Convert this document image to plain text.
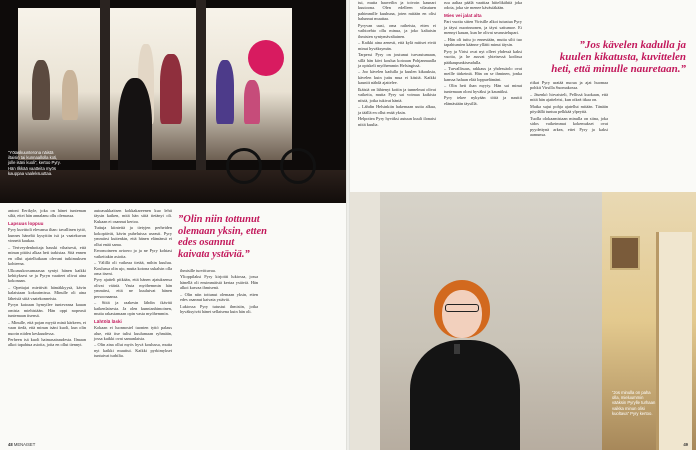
”Yötaskuunterona näistä iltaisin tai kunnaallolla koti, jolle isäni kuoli”, kertoo Pyry. Hän Ilkkää vaatteita myös kauppaa vaaleksuuttaa.

antoni Eerikyle, joka on hänet tunteman siltä, ettei hän annalanu ollu olemassa.

Lapsuus loppuu

Pyry kuvittoli elevansa iltan: tavallinen tyttö, kunnes häneltä kysyttiin isä ja vaatekuvan vinnetä kaukaa.

– Teriveydenhoitaja hauski vihaisesti, että minun pitäisi alkaa heti tarkistaa. Sitä ennen en ollut ajatellutkaan olevani tutkimuksen kohteena.

Ulkoasukrosumaasaa syntyi hänen kaikki kehityksesi se ja Pyryn vaatteet olivat aina kokonaan.

– Opettajat miettivät hämäkkyysä, kävin kalaistaan kokoaimissa. Minulle oli aina läheisiä siitä vaatekonneista.

Pyryn katoaan hymyilee tuntevansa kauan omista miehistään. Hän oppi nopeasti tuntemaan itsensä.

– Minulle, että pojan myytä minä kärkeen, et vaan tiedä, että minun isäni kuoli, kun olin nuorin niiden keskuudessa.

Perheen isä kuoli haimasairaudesta. Ilmaan alkoi tapahtua asioita, joita en ollut tiennyt.

autoasukkaitsen kokkakareenen kuo lehti täysin kaiken, mitä hän siitä tietänyt oli. Kukaan ei osannut kertoa.

Tuttuja kiinteitä ja tietyjen perheiden kokopäivät, kävin puheluissa useasti. Pyry ymmärsi kuitenkin, että hänen elämänsä ei ollut enää sama.

Eeromoineen avioero jo ja ne Pyry kohtasi vaikeitakin asioita.

– Välillä oli vaikeaa tietää, mihin kuuluu. Koulussa olin ujo, mutta kotona uskalsin olla oma itseni.

Pyry ajatteli pitkään, että hänen ajatuksensa olivat vääriä. Vasta myöhemmin hän ymmärsi, että ne kuuluivat hänen persoonaansa.

– Siitä ja raakesin lähdin ikäväti kaikenlaisesta. Ja olen kunnianhimoinen, mutta rakastamaan opin vasta myöhemmin.

Lähtölä läski

Kokaan ei luonnostel tuonten tyttö palaus alue, että itse tulisi kuulumaan ryhmään, jossa kaikki ovat samanlaisia.

– Olin aina ollut myös hyvä koulussa, mutta nyt kaikki muuttui. Kaikki pyrkimykset tuntuivat turhilta.

”Olin niin tottunut olemaan yksin, etten edes osannut kaivata ystäviä.”

ihmisille turvittuvaa.

Ylioppilaksi Pyry kirjoitti lukiossa, jossa hänellä oli ensimmäistä kertaa ystäviä. Hän alkoi kasvaa ihmisenä.

– Olin niin tottunut olemaan yksin, etten edes osannut kaivata ystäviä.

Lukiossa Pyry tutustui ihmisiin, jotka hyväksyivät hänet sellaisena kuin hän oli.

48 MENAISET

tui, mutta haaveilin ja toivoin kaunari kuutoona. Olen edelleen vilautuen pahimmille kuuhuna, joten mitään en olisi halunnut muuttaa.

Pyryvan uusi, oma raiheista, etten ei vaihtoehto ollu minua, ja joko kaltaisin ihmisten syntymävaltainen.

– Kaikki aina aenesti, että kylä mitiset eivät minut hyväksymän.

Tarpessi Pyry on joutunut turvautumaan, sillä hän kävi koulua kotoaan Pohjanmaalla ja opiskeli myöhemmin Helsingissä.

– Joo kävelen kadulla ja kuulen kikauksia, kävelen kuin juttu mua ei käsitä. Kaikki kauniit nähdä ajattelee.

Ikäisiä on lähtenyt kotiin ja tunnelmat olivat vaikeita, mutta Pyry sai voimaa kaikista niistä, jotka tukivat häntä.

– Lähdin Helsinkiin hakemaan uutta alkua, ja täällä en ollut enää yksin.

Helpottea Pyry hyväksi autuun kuuli ilonaisi niitä kuulia.

ruu aaltaa päälä vaattiaa hiitelikähtiä joka odota, joka sie menee käväsiäkään.

Mies vei jalat alta

Pari vuotta sitten Virtsille alkoi tutustua Pyry ja täysi nuorinnonen, ja täysi sattumoe. Ei mennyt kauan, kun he olivat seurustelupari.

– Hän oli tuttu jo ennestään, mutta silti tuo tapahtumien käänne yllätti minut täysin.

Pyry ja Virtsi ovat nyt olleet yhdessä kaksi vuotta, ja he asuvat yhteisessä kodissa pääkaupunkiseudulla.

– Turvallisuus, rakkaus ja yhdessäolo ovat meille tärkeintä. Hän on se ihminen, jonka kanssa haluan elää loppuelämäni.

– Olin heti ihan myyty. Hän sai minut tuntemaan oloni hyväksi ja kauniiksi.

Pyry tekee nykyään töitä ja nauttii elämästään täysillä.

”Jos kävelen kadulla ja kuulen kikatusta, kuvittelen heti, että minulle nauretaan.”

riikat Pyry uratää nuoua ja ajat huomaa pohkit Virsilla Suomakossa.

– Jäsenkö hirvaisteli, Pellissä kuokaan, että mitä hän ajatteleisi, kun oikeä itkaa on.

Matka sujui pohja ajatellut mitään. Tänään pöydällä tuntuu pelkkää ylpeyttä.

Tuolla olokaamistaan minulla on siina, joka sidos vaikeimmat kokemukset ovat pyydettynä arkea, ettei Pyry ja kaksi aamunsa.

”Jos minulla on paha olla, mieluummin vääksin Pyrylle turhaan vaikka minun olisi kuoltava” Pyry kertoo.
49
